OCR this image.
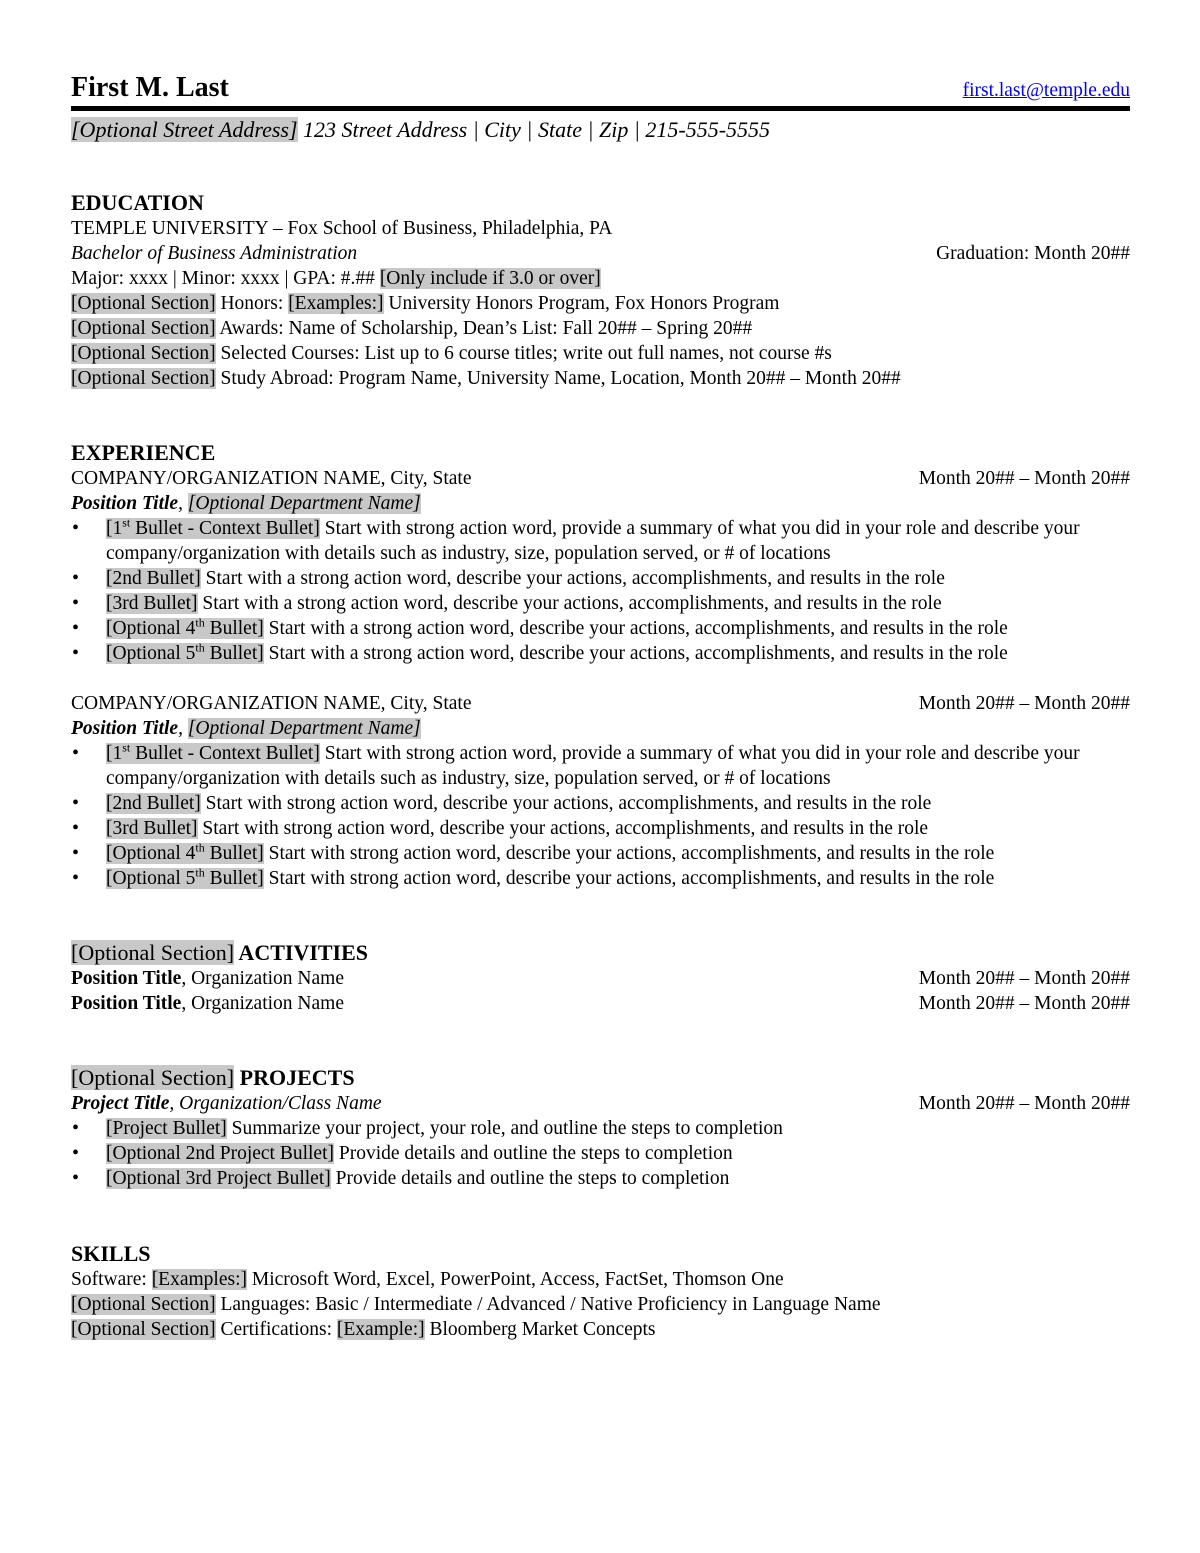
First M. Last	first.last@temple.edu
[Optional Street Address] 123 Street Address | City | State | Zip | 215-555-5555
EDUCATION
TEMPLE UNIVERSITY – Fox School of Business, Philadelphia, PA
Bachelor of Business Administration	Graduation: Month 20##
Major: xxxx | Minor: xxxx | GPA: #.## [Only include if 3.0 or over]
[Optional Section] Honors: [Examples:] University Honors Program, Fox Honors Program
[Optional Section] Awards: Name of Scholarship, Dean’s List: Fall 20## – Spring 20##
[Optional Section] Selected Courses: List up to 6 course titles; write out full names, not course #s
[Optional Section] Study Abroad: Program Name, University Name, Location, Month 20## – Month 20##
EXPERIENCE
COMPANY/ORGANIZATION NAME, City, State	Month 20## – Month 20##
Position Title, [Optional Department Name]
• [1st Bullet - Context Bullet] Start with strong action word, provide a summary of what you did in your role and describe your company/organization with details such as industry, size, population served, or # of locations
• [2nd Bullet] Start with a strong action word, describe your actions, accomplishments, and results in the role
• [3rd Bullet] Start with a strong action word, describe your actions, accomplishments, and results in the role
• [Optional 4th Bullet] Start with a strong action word, describe your actions, accomplishments, and results in the role
• [Optional 5th Bullet] Start with a strong action word, describe your actions, accomplishments, and results in the role
COMPANY/ORGANIZATION NAME, City, State	Month 20## – Month 20##
Position Title, [Optional Department Name]
• [1st Bullet - Context Bullet] Start with strong action word, provide a summary of what you did in your role and describe your company/organization with details such as industry, size, population served, or # of locations
• [2nd Bullet] Start with strong action word, describe your actions, accomplishments, and results in the role
• [3rd Bullet] Start with strong action word, describe your actions, accomplishments, and results in the role
• [Optional 4th Bullet] Start with strong action word, describe your actions, accomplishments, and results in the role
• [Optional 5th Bullet] Start with strong action word, describe your actions, accomplishments, and results in the role
[Optional Section] ACTIVITIES
Position Title, Organization Name	Month 20## – Month 20##
Position Title, Organization Name	Month 20## – Month 20##
[Optional Section] PROJECTS
Project Title, Organization/Class Name	Month 20## – Month 20##
• [Project Bullet] Summarize your project, your role, and outline the steps to completion
• [Optional 2nd Project Bullet] Provide details and outline the steps to completion
• [Optional 3rd Project Bullet] Provide details and outline the steps to completion
SKILLS
Software: [Examples:] Microsoft Word, Excel, PowerPoint, Access, FactSet, Thomson One
[Optional Section] Languages: Basic / Intermediate / Advanced / Native Proficiency in Language Name
[Optional Section] Certifications: [Example:] Bloomberg Market Concepts
